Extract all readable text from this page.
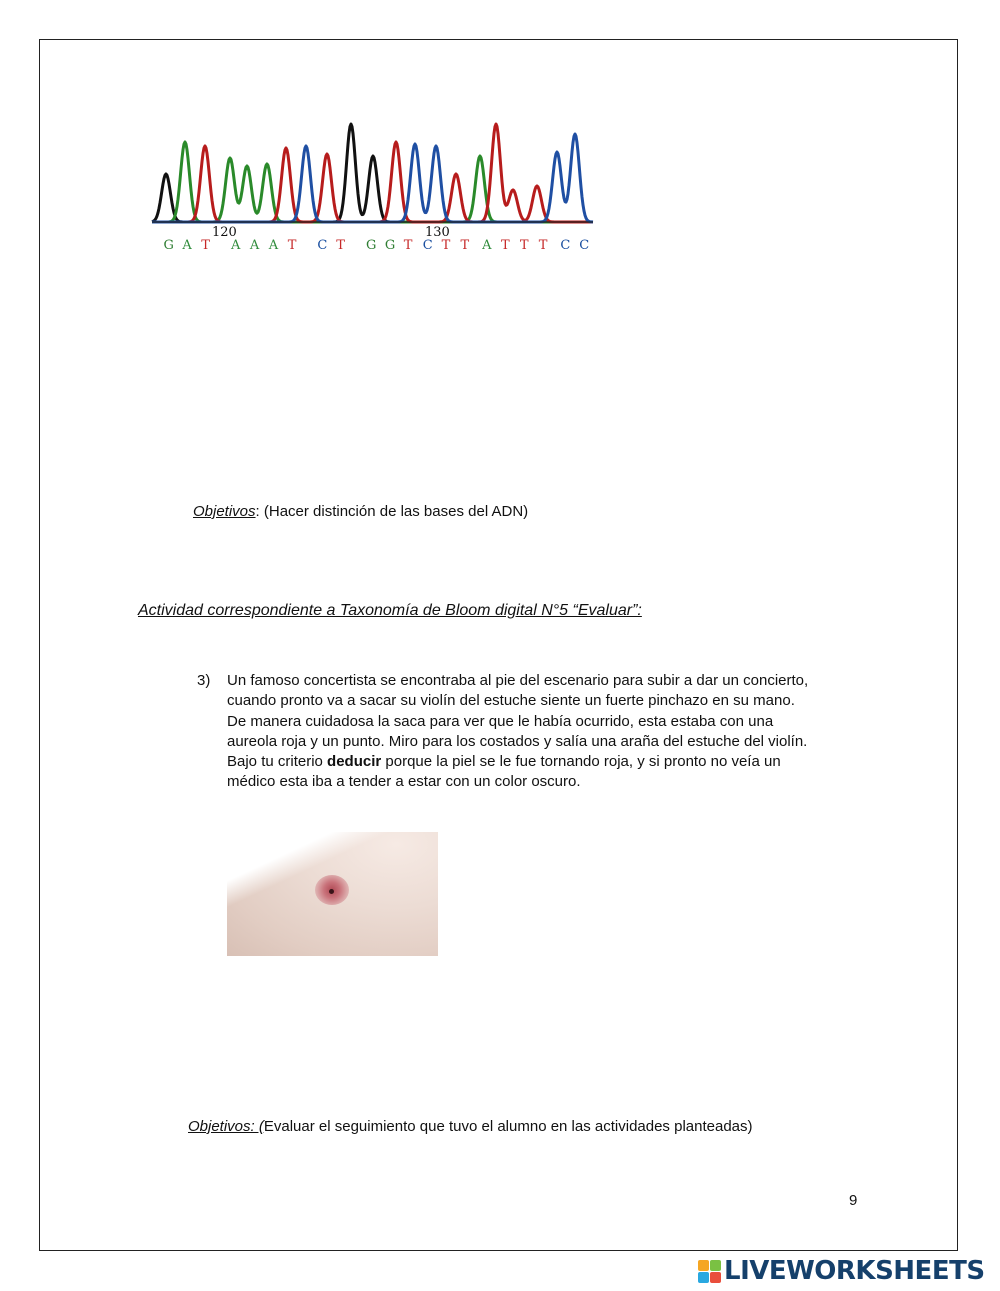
120	130
G A T A A A T C T G G T C T T A T T T C C
Objetivos: (Hacer distinción de las bases del ADN)
Actividad correspondiente a Taxonomía de Bloom digital N°5 “Evaluar”:
3) Un famoso concertista se encontraba al pie del escenario para subir a dar un concierto,

cuando pronto va a sacar su violín del estuche siente un fuerte pinchazo en su mano.

De manera cuidadosa la saca para ver que le había ocurrido, esta estaba con una

aureola roja y un punto. Miro para los costados y salía una araña del estuche del violín.

Bajo tu criterio deducir porque la piel se le fue tornando roja, y si pronto no veía un

médico esta iba a tender a estar con un color oscuro.

Objetivos: (Evaluar el seguimiento que tuvo el alumno en las actividades planteadas)
9
LIVEWORKSHEETS
